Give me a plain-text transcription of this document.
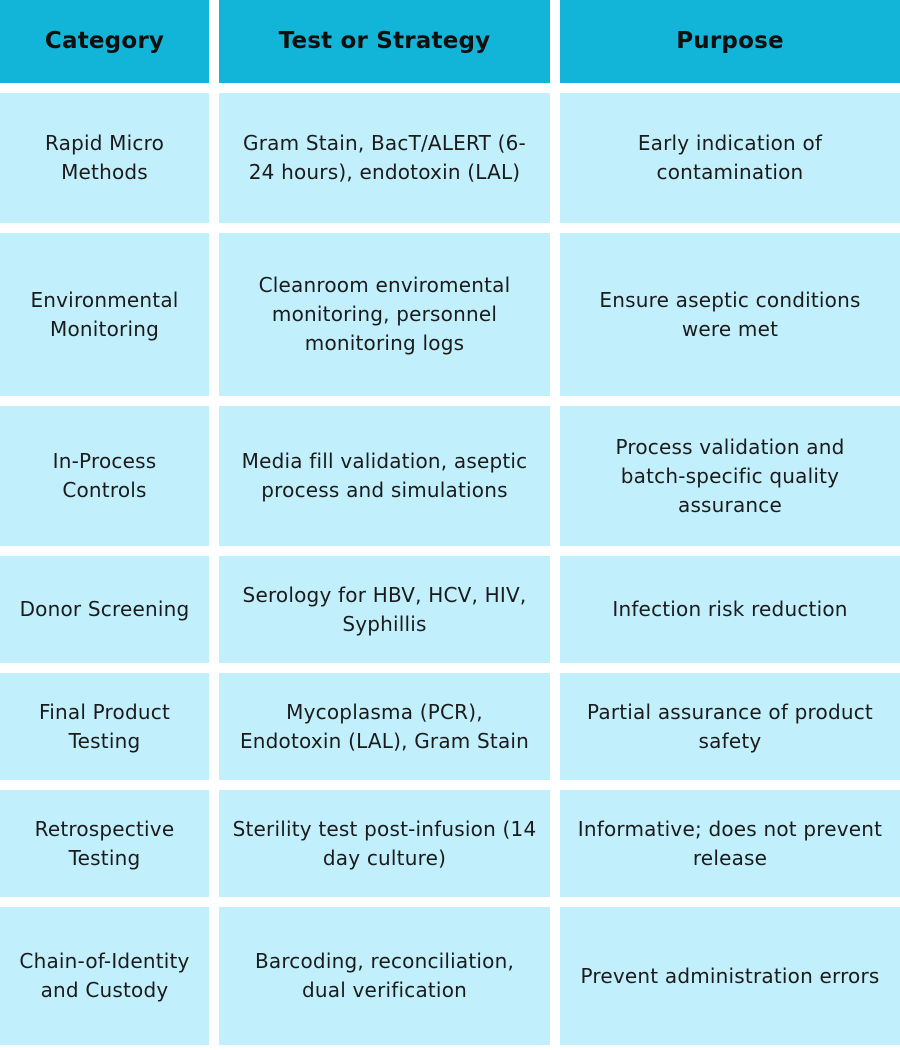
Category	Test or Strategy	Purpose
Rapid Micro Methods
Gram Stain, BacT/ALERT (6-24 hours), endotoxin (LAL)
Early indication of contamination
Environmental Monitoring
Cleanroom enviromental monitoring, personnel monitoring logs
Ensure aseptic conditions were met
In-Process Controls
Media fill validation, aseptic process and simulations
Process validation and batch-specific quality assurance
Donor Screening
Serology for HBV, HCV, HIV, Syphillis
Infection risk reduction
Final Product Testing
Mycoplasma (PCR), Endotoxin (LAL), Gram Stain
Partial assurance of product safety
Retrospective Testing
Sterility test post-infusion (14 day culture)
Informative; does not prevent release
Chain-of-Identity and Custody
Barcoding, reconciliation, dual verification
Prevent administration errors
